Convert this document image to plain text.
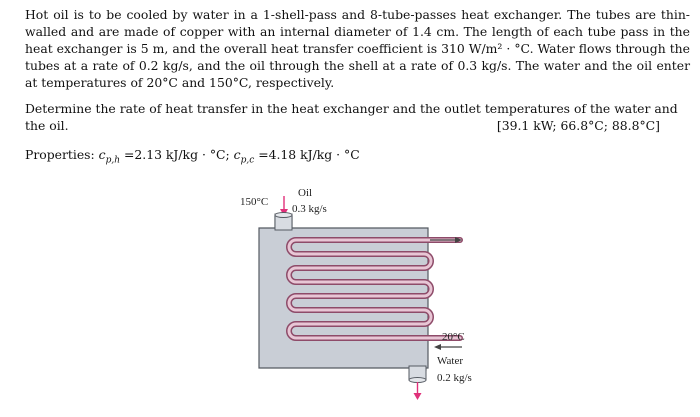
Hot oil is to be cooled by water in a 1-shell-pass and 8-tube-passes heat exchanger. The tubes are thin-walled and are made of copper with an internal diameter of 1.4 cm. The length of each tube pass in the heat exchanger is 5 m, and the overall heat transfer coefficient is 310 W/m² · °C. Water flows through the tubes at a rate of 0.2 kg/s, and the oil through the shell at a rate of 0.3 kg/s. The water and the oil enter at temperatures of 20°C and 150°C, respectively.

Determine the rate of heat transfer in the heat exchanger and the outlet temperatures of the water and the oil.	[39.1 kW; 66.8°C; 88.8°C]
Properties: $c_{p,h} =2.13$ kJ/kg · °C; $c_{p,c} =4.18$ kJ/kg · °C
150°C
Oil
0.3 kg/s
20°C
Water
0.2 kg/s
